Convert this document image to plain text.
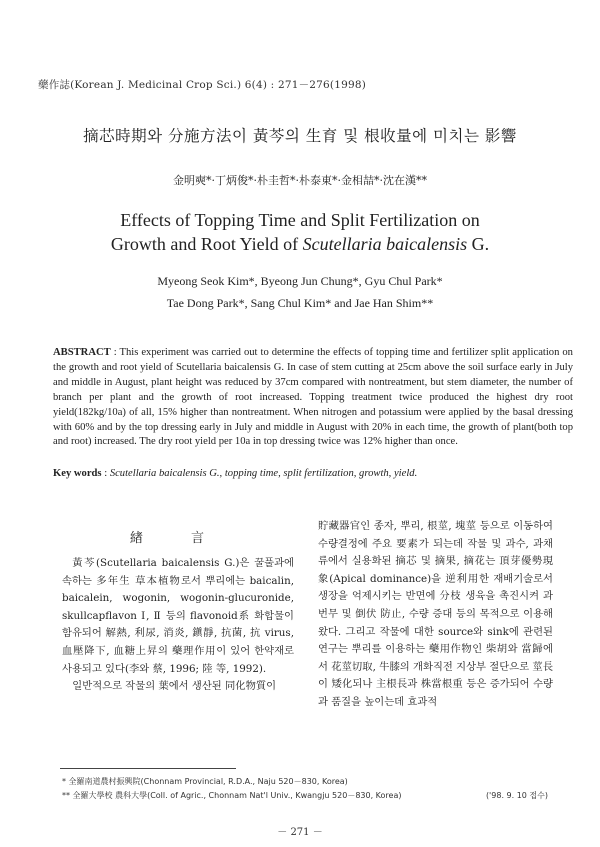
藥作誌(Korean J. Medicinal Crop Sci.) 6(4) : 271－276(1998)
摘芯時期와 分施方法이 黃芩의 生育 및 根收量에 미치는 影響
金明奭*·丁炳俊*·朴圭哲*·朴泰東*·金相喆*·沈在漢**
Effects of Topping Time and Split Fertilization on
Growth and Root Yield of Scutellaria baicalensis G.
Myeong Seok Kim*, Byeong Jun Chung*, Gyu Chul Park*
Tae Dong Park*, Sang Chul Kim* and Jae Han Shim**
ABSTRACT : This experiment was carried out to determine the effects of topping time and fertilizer split application on the growth and root yield of Scutellaria baicalensis G. In case of stem cutting at 25cm above the soil surface early in July and middle in August, plant height was reduced by 37cm compared with nontreatment, but stem diameter, the number of branch per plant and the growth of root increased. Topping treatment twice produced the highest dry root yield(182kg/10a) of all, 15% higher than nontreatment. When nitrogen and potassium were applied by the basal dressing with 60% and by the top dressing early in July and middle in August with 20% in each time, the growth of plant(both top and root) increased. The dry root yield per 10a in top dressing twice was 12% higher than once.
Key words : Scutellaria baicalensis G., topping time, split fertilization, growth, yield.
緖 言
黃芩(Scutellaria baicalensis G.)은 꿀풀과에 속하는 多年生 草本植物로서 뿌리에는 baicalin, baicalein, wogonin, wogonin-glucuronide, skullcapflavon Ⅰ, Ⅱ 등의 flavonoid系 화합물이 함유되어 解熱, 利尿, 消炎, 鎭靜, 抗菌, 抗 virus, 血壓降下, 血糖上昇의 藥理作用이 있어 한약재로 사용되고 있다(李와 蔡, 1996; 陸 等, 1992).
일반적으로 작물의 葉에서 생산된 同化物質이
貯藏器官인 종자, 뿌리, 根莖, 塊莖 등으로 이동하여 수량결정에 주요 要素가 되는데 작물 및 과수, 과채류에서 실용화된 摘芯 및 摘果, 摘花는 頂芽優勢現象(Apical dominance)을 逆利用한 재배기술로서 생장을 억제시키는 반면에 分枝 생육을 촉진시켜 과번무 및 倒伏 防止, 수량 증대 등의 목적으로 이용해 왔다. 그리고 작물에 대한 source와 sink에 관련된 연구는 뿌리를 이용하는 藥用作物인 柴胡와 當歸에서 花莖切取, 牛膝의 개화직전 지상부 절단으로 莖長이 矮化되나 主根長과 株當根重 등은 증가되어 수량과 품질을 높이는데 효과적
* 全羅南道農村振興院(Chonnam Provincial, R.D.A., Naju 520－830, Korea)
** 全羅大學校 農科大學(Coll. of Agric., Chonnam Nat'l Univ., Kwangju 520－830, Korea)	('98. 9. 10 접수)
－ 271 －
